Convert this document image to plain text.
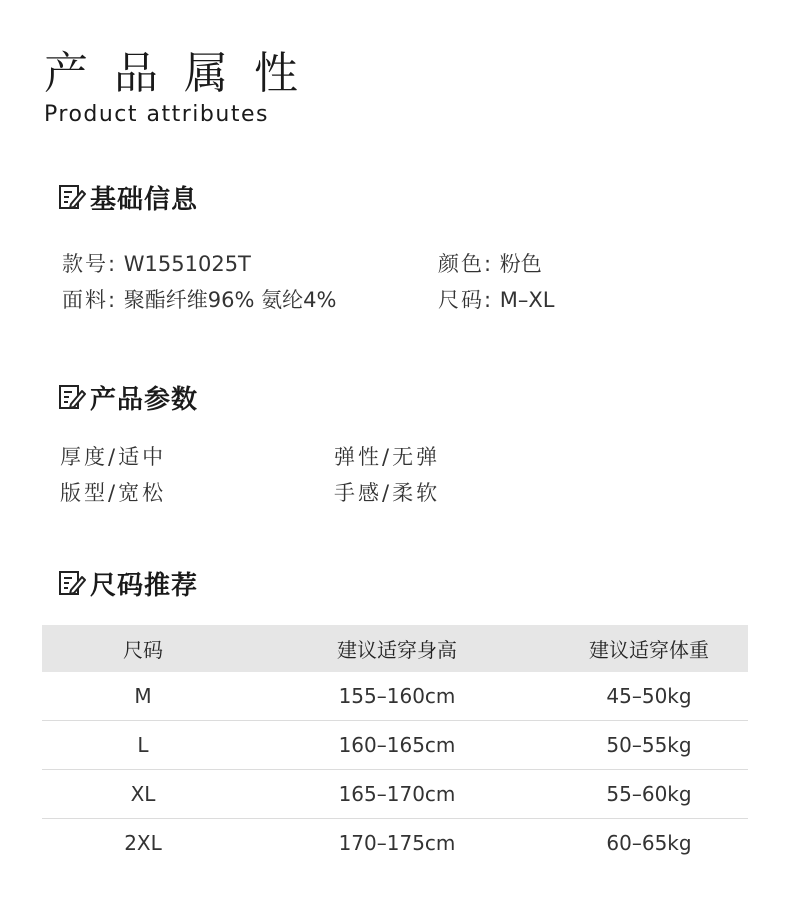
产 品 属 性
Product attributes
基础信息
款号: W1551025T	颜色: 粉色
面料: 聚酯纤维96% 氨纶4%	尺码: M–XL
产品参数
厚度/适中	弹性/无弹
版型/宽松	手感/柔软
尺码推荐
尺码	建议适穿身高	建议适穿体重
M	155–160cm	45–50kg
L	160–165cm	50–55kg
XL	165–170cm	55–60kg
2XL	170–175cm	60–65kg
